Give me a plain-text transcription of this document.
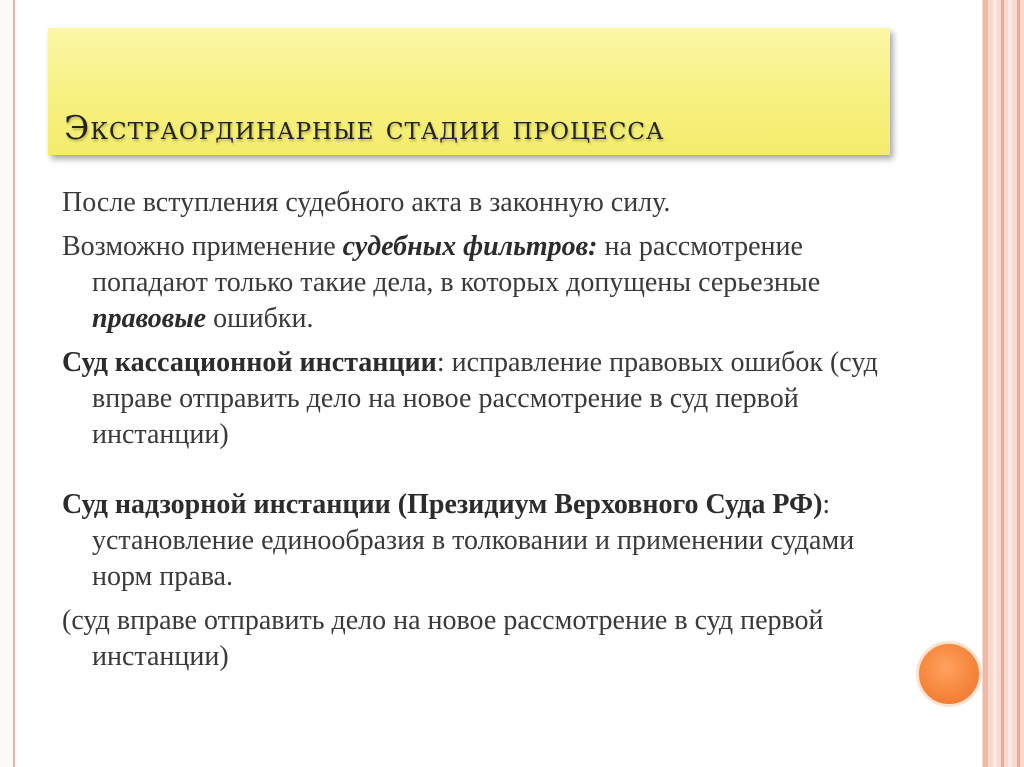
Экстраординарные стадии процесса

После вступления судебного акта в законную силу.

Возможно применение судебных фильтров: на рассмотрение попадают только такие дела, в которых допущены серьезные правовые ошибки.

Суд кассационной инстанции: исправление правовых ошибок (суд вправе отправить дело на новое рассмотрение в суд первой инстанции)

Суд надзорной инстанции (Президиум Верховного Суда РФ): установление единообразия в толковании и применении судами норм права.

(суд вправе отправить дело на новое рассмотрение в суд первой инстанции)
